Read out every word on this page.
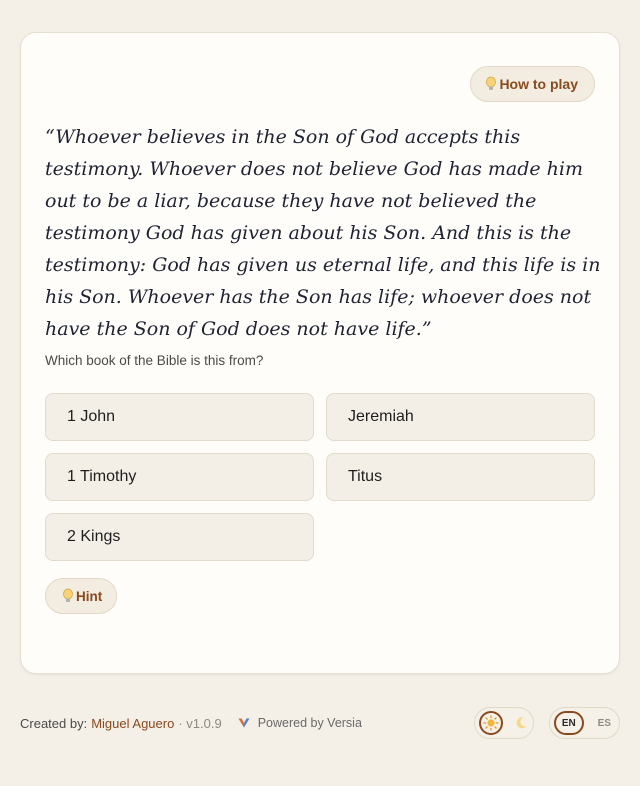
How to play

“Whoever believes in the Son of God accepts this testimony. Whoever does not believe God has made him out to be a liar, because they have not believed the testimony God has given about his Son. And this is the testimony: God has given us eternal life, and this life is in his Son. Whoever has the Son has life; whoever does not have the Son of God does not have life.”

Which book of the Bible is this from?

1 John	Jeremiah
1 Timothy	Titus
2 Kings
Hint
Created by: Miguel Aguero · v1.0.9	Powered by Versia	EN	ES
